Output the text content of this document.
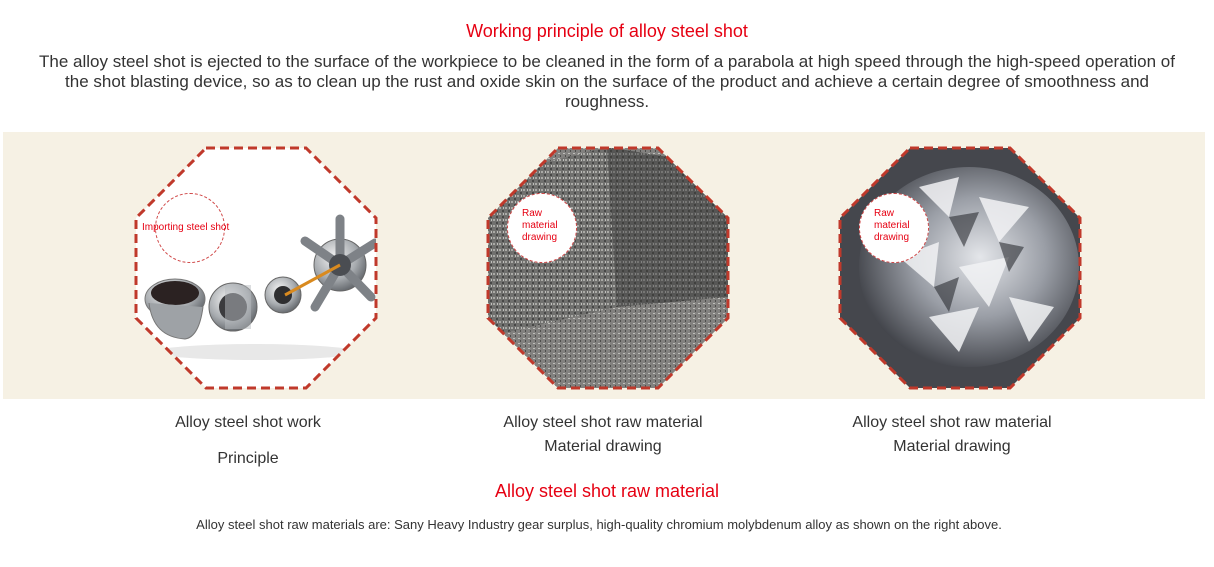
Working principle of alloy steel shot
The alloy steel shot is ejected to the surface of the workpiece to be cleaned in the form of a parabola at high speed through the high-speed operation of the shot blasting device, so as to clean up the rust and oxide skin on the surface of the product and achieve a certain degree of smoothness and roughness.
Importing steel shot
Raw
material
drawing
Raw
material
drawing
Alloy steel shot work
Principle
Alloy steel shot raw material
Material drawing
Alloy steel shot raw material
Material drawing
Alloy steel shot raw material
Alloy steel shot raw materials are: Sany Heavy Industry gear surplus, high-quality chromium molybdenum alloy as shown on the right above.
